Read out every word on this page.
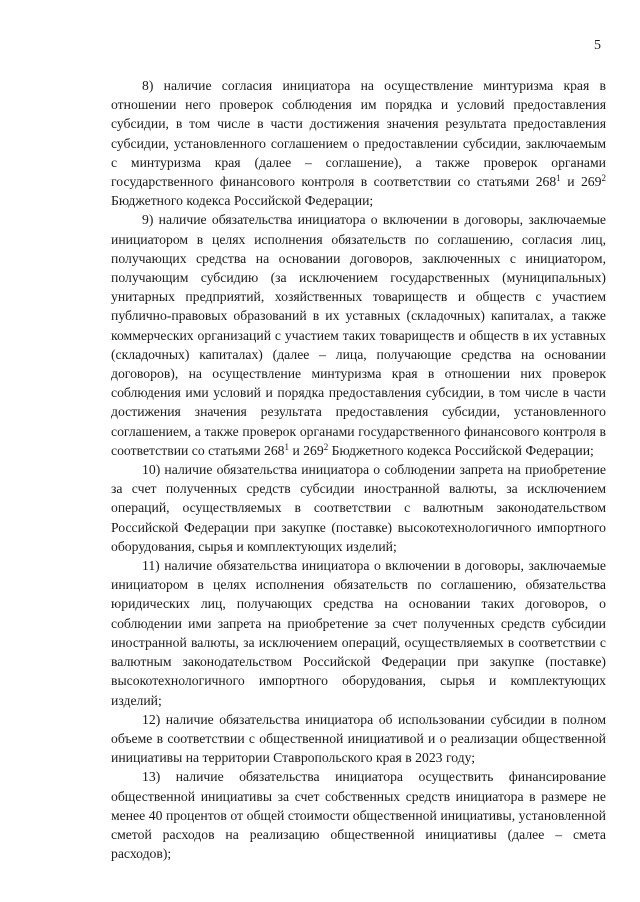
5

8) наличие согласия инициатора на осуществление минтуризма края в отношении него проверок соблюдения им порядка и условий предоставления субсидии, в том числе в части достижения значения результата предоставления субсидии, установленного соглашением о предоставлении субсидии, заключаемым с минтуризма края (далее – соглашение), а также проверок органами государственного финансового контроля в соответствии со статьями $268^1$ и $269^2$ Бюджетного кодекса Российской Федерации;

9) наличие обязательства инициатора о включении в договоры, заключаемые инициатором в целях исполнения обязательств по соглашению, согласия лиц, получающих средства на основании договоров, заключенных с инициатором, получающим субсидию (за исключением государственных (муниципальных) унитарных предприятий, хозяйственных товариществ и обществ с участием публично-правовых образований в их уставных (складочных) капиталах, а также коммерческих организаций с участием таких товариществ и обществ в их уставных (складочных) капиталах) (далее – лица, получающие средства на основании договоров), на осуществление минтуризма края в отношении них проверок соблюдения ими условий и порядка предоставления субсидии, в том числе в части достижения значения результата предоставления субсидии, установленного соглашением, а также проверок органами государственного финансового контроля в соответствии со статьями $268^1$ и $269^2$ Бюджетного кодекса Российской Федерации;

10) наличие обязательства инициатора о соблюдении запрета на приобретение за счет полученных средств субсидии иностранной валюты, за исключением операций, осуществляемых в соответствии с валютным законодательством Российской Федерации при закупке (поставке) высокотехнологичного импортного оборудования, сырья и комплектующих изделий;

11) наличие обязательства инициатора о включении в договоры, заключаемые инициатором в целях исполнения обязательств по соглашению, обязательства юридических лиц, получающих средства на основании таких договоров, о соблюдении ими запрета на приобретение за счет полученных средств субсидии иностранной валюты, за исключением операций, осуществляемых в соответствии с валютным законодательством Российской Федерации при закупке (поставке) высокотехнологичного импортного оборудования, сырья и комплектующих изделий;

12) наличие обязательства инициатора об использовании субсидии в полном объеме в соответствии с общественной инициативой и о реализации общественной инициативы на территории Ставропольского края в 2023 году;

13) наличие обязательства инициатора осуществить финансирование общественной инициативы за счет собственных средств инициатора в размере не менее 40 процентов от общей стоимости общественной инициативы, установленной сметой расходов на реализацию общественной инициативы (далее – смета расходов);
